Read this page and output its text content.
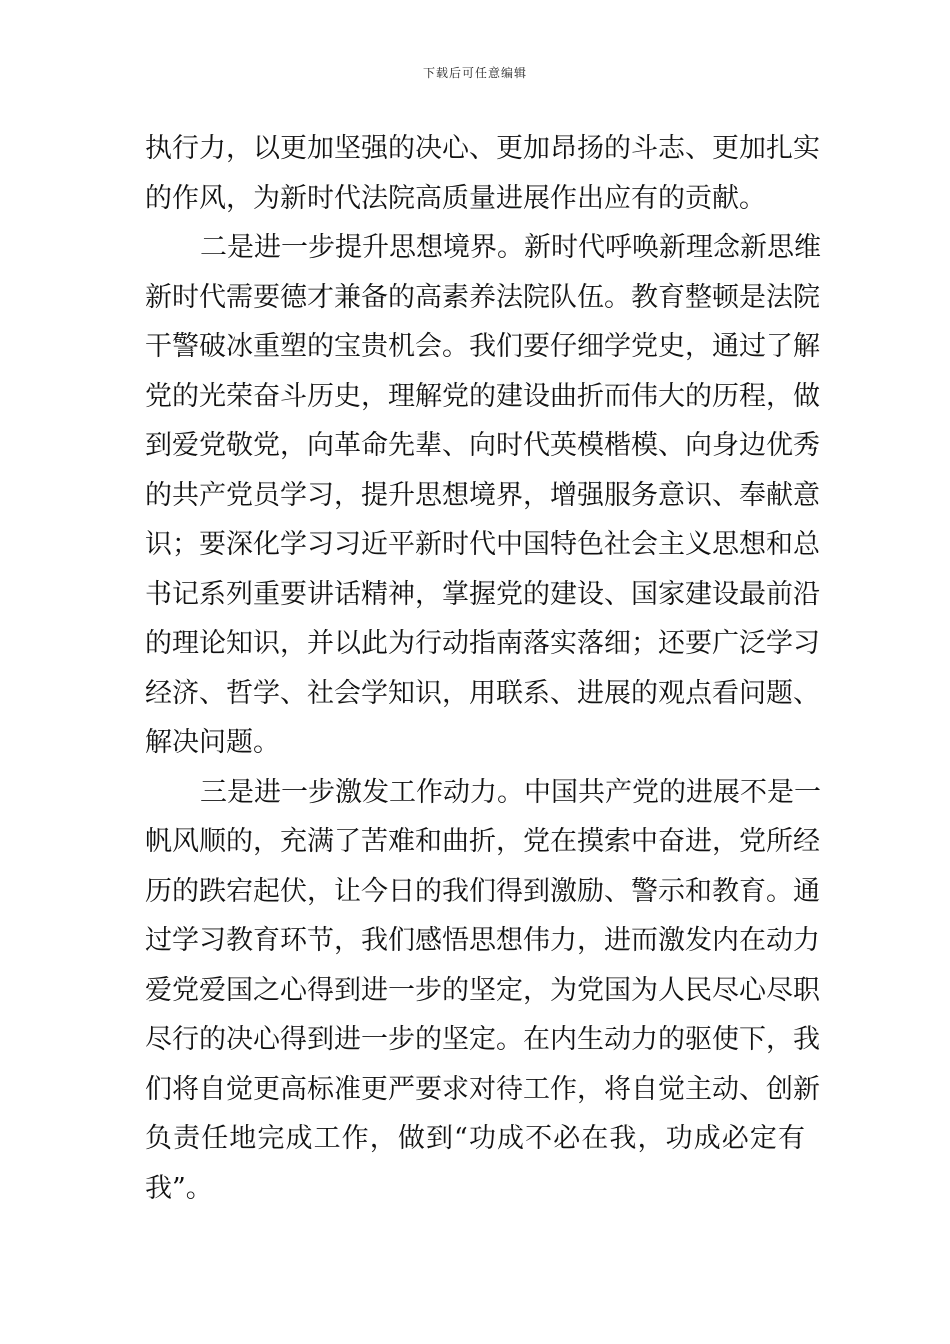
下载后可任意编辑
执行力，以更加坚强的决心、更加昂扬的斗志、更加扎实
的作风，为新时代法院高质量进展作出应有的贡献。
二是进一步提升思想境界。新时代呼唤新理念新思维
新时代需要德才兼备的高素养法院队伍。教育整顿是法院
干警破冰重塑的宝贵机会。我们要仔细学党史，通过了解
党的光荣奋斗历史，理解党的建设曲折而伟大的历程，做
到爱党敬党，向革命先辈、向时代英模楷模、向身边优秀
的共产党员学习，提升思想境界，增强服务意识、奉献意
识；要深化学习习近平新时代中国特色社会主义思想和总
书记系列重要讲话精神，掌握党的建设、国家建设最前沿
的理论知识，并以此为行动指南落实落细；还要广泛学习
经济、哲学、社会学知识，用联系、进展的观点看问题、
解决问题。
三是进一步激发工作动力。中国共产党的进展不是一
帆风顺的，充满了苦难和曲折，党在摸索中奋进，党所经
历的跌宕起伏，让今日的我们得到激励、警示和教育。通
过学习教育环节，我们感悟思想伟力，进而激发内在动力
爱党爱国之心得到进一步的坚定，为党国为人民尽心尽职
尽行的决心得到进一步的坚定。在内生动力的驱使下，我
们将自觉更高标准更严要求对待工作，将自觉主动、创新
负责任地完成工作，做到“功成不必在我，功成必定有
我”。
